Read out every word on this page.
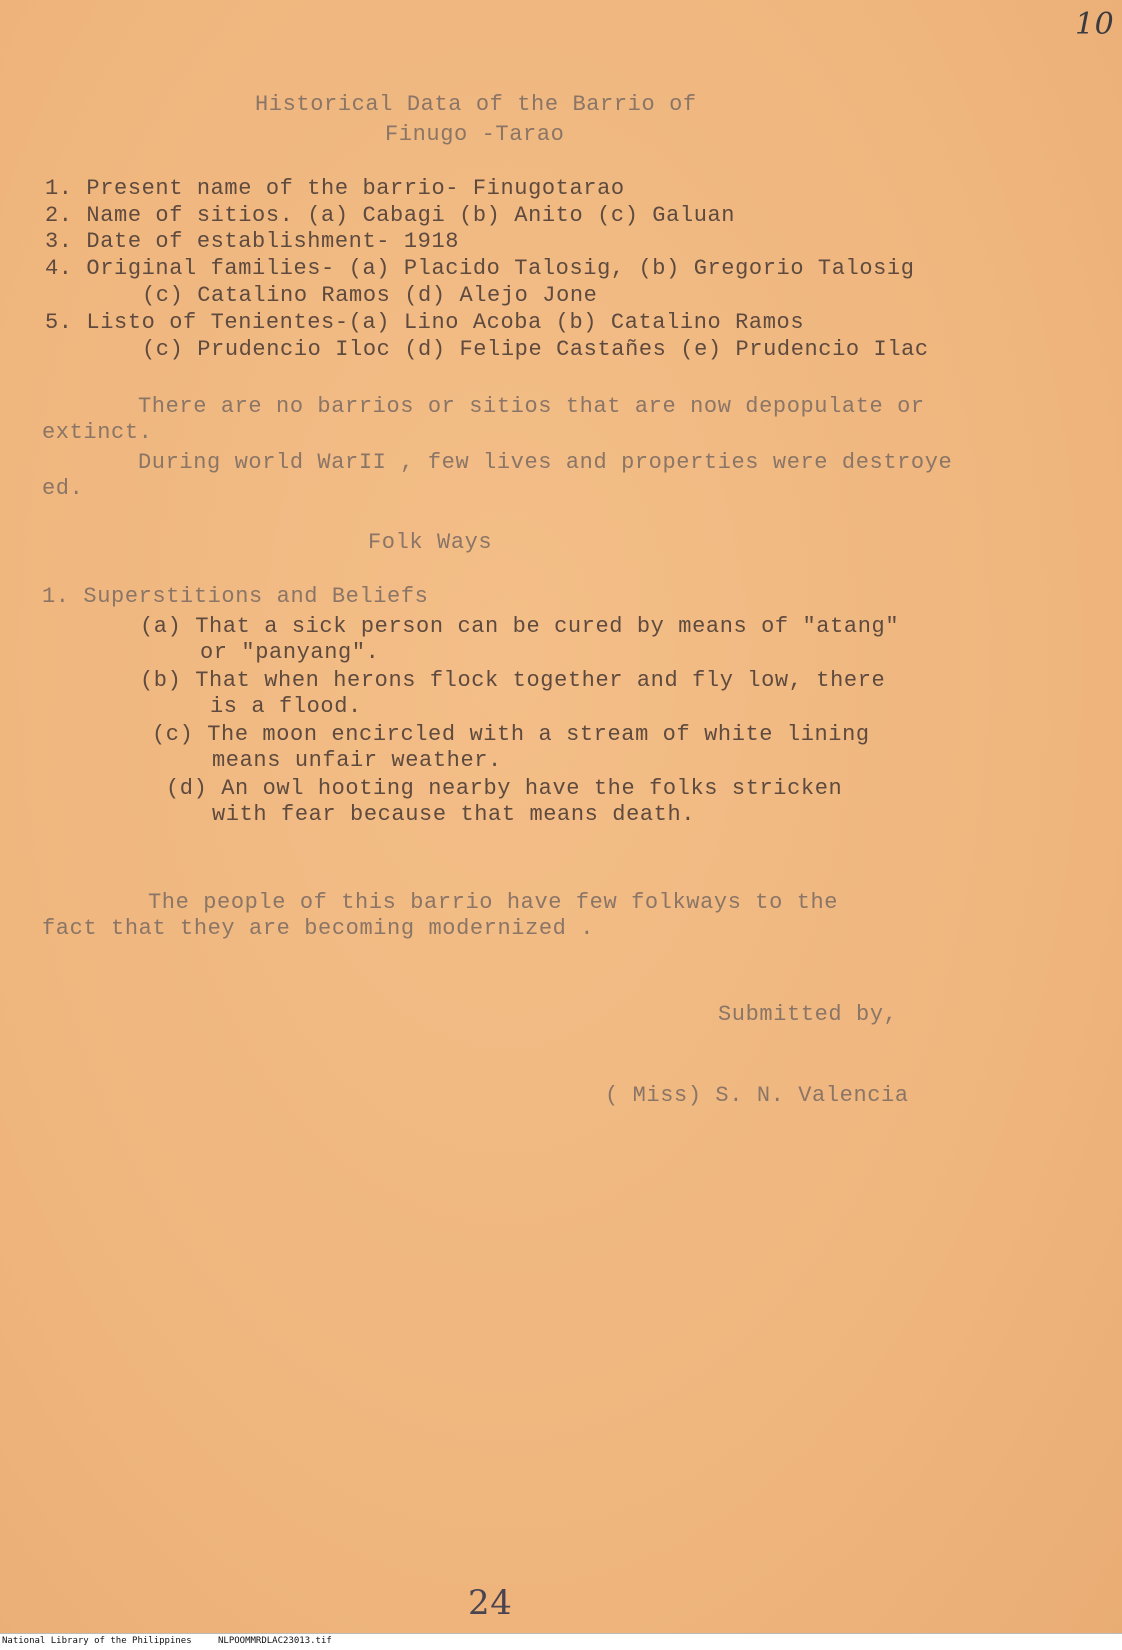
10
Historical Data of the Barrio of
Finugo -Tarao
1. Present name of the barrio- Finugotarao
2. Name of sitios. (a) Cabagi (b) Anito (c) Galuan
3. Date of establishment- 1918
4. Original families- (a) Placido Talosig, (b) Gregorio Talosig
(c) Catalino Ramos (d) Alejo Jone
5. Listo of Tenientes-(a) Lino Acoba (b) Catalino Ramos
(c) Prudencio Iloc (d) Felipe Castañes (e) Prudencio Ilac
There are no barrios or sitios that are now depopulate or
extinct.
During world WarII , few lives and properties were destroye
ed.
Folk Ways
1. Superstitions and Beliefs
(a) That a sick person can be cured by means of "atang"
or "panyang".
(b) That when herons flock together and fly low, there
is a flood.
(c) The moon encircled with a stream of white lining
means unfair weather.
(d) An owl hooting nearby have the folks stricken
with fear because that means death.
The people of this barrio have few folkways to the
fact that they are becoming modernized .
Submitted by,
( Miss) S. N. Valencia
24
National Library of the Philippines	NLPOOMMRDLAC23013.tif
